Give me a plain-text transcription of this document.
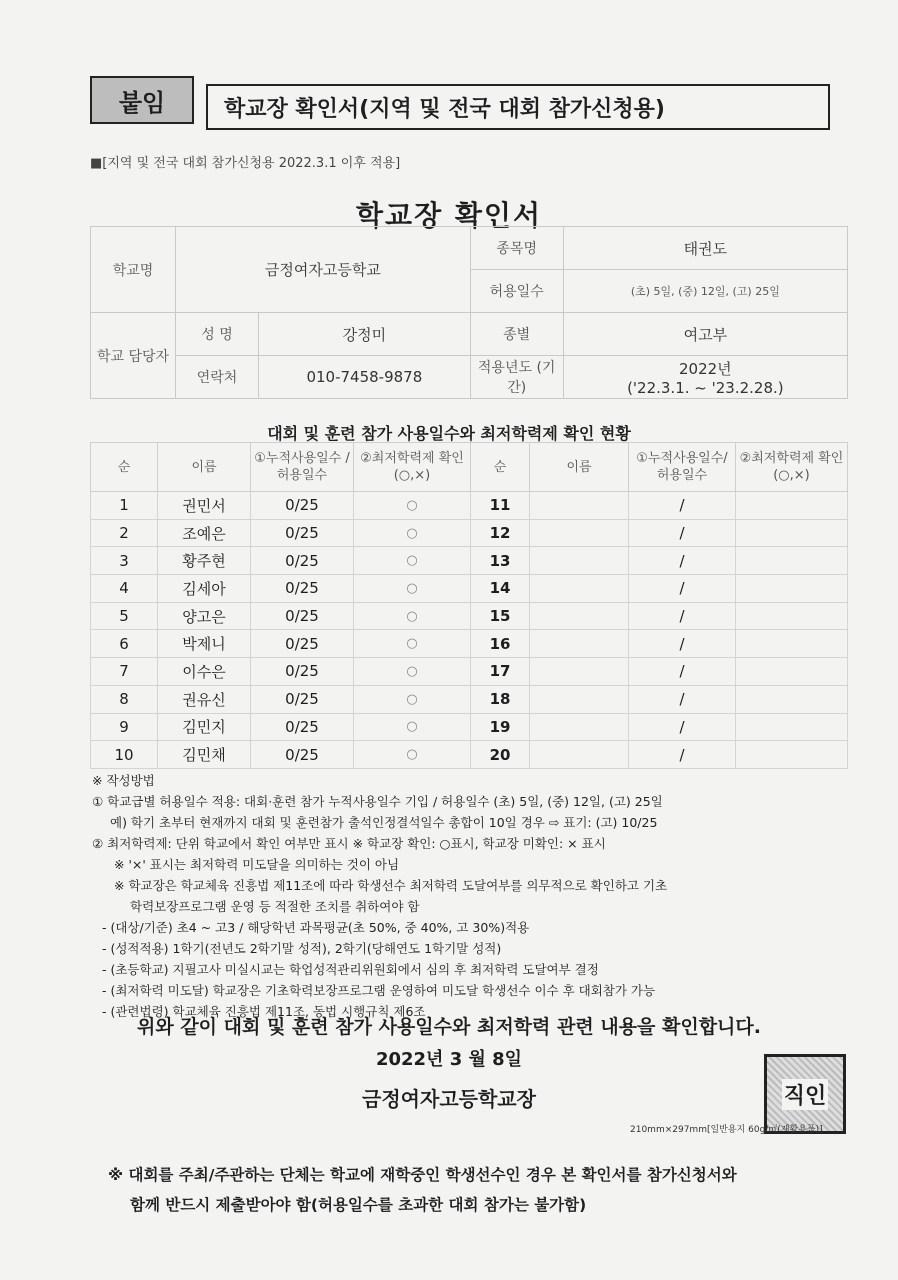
붙임	학교장 확인서(지역 및 전국 대회 참가신청용)
■[지역 및 전국 대회 참가신청용 2022.3.1 이후 적용]
학교장 확인서
학교명	금정여자고등학교		종목명	태권도
			허용일수	(초) 5일, (중) 12일, (고) 25일
학교 담당자	성 명	강정미	종별	여고부
	연락처	010-7458-9878	적용년도 (기간)	2022년
('22.3.1. ~ '23.2.28.)
대회 및 훈련 참가 사용일수와 최저학력제 확인 현황
순	이름	①누적사용일수 /허용일수	②최저학력제 확인(○,×)	순	이름	①누적사용일수/ 허용일수	②최저학력제 확인(○,×)
1	권민서	0/25	○	11		/	
2	조예은	0/25	○	12		/	
3	황주현	0/25	○	13		/	
4	김세아	0/25	○	14		/	
5	양고은	0/25	○	15		/	
6	박제니	0/25	○	16		/	
7	이수은	0/25	○	17		/	
8	권유신	0/25	○	18		/	
9	김민지	0/25	○	19		/	
10	김민채	0/25	○	20		/	
※ 작성방법
① 학교급별 허용일수 적용: 대회·훈련 참가 누적사용일수 기입 / 허용일수 (초) 5일, (중) 12일, (고) 25일
예) 학기 초부터 현재까지 대회 및 훈련참가 출석인정결석일수 총합이 10일 경우 ⇨ 표기: (고) 10/25
② 최저학력제: 단위 학교에서 확인 여부만 표시 ※ 학교장 확인: ○표시, 학교장 미확인: × 표시
※ '×' 표시는 최저학력 미도달을 의미하는 것이 아님
※ 학교장은 학교체육 진흥법 제11조에 따라 학생선수 최저학력 도달여부를 의무적으로 확인하고 기초
학력보장프로그램 운영 등 적절한 조치를 취하여야 함
- (대상/기준) 초4 ~ 고3 / 해당학년 과목평균(초 50%, 중 40%, 고 30%)적용
- (성적적용) 1학기(전년도 2학기말 성적), 2학기(당해연도 1학기말 성적)
- (초등학교) 지필고사 미실시교는 학업성적관리위원회에서 심의 후 최저학력 도달여부 결정
- (최저학력 미도달) 학교장은 기초학력보장프로그램 운영하여 미도달 학생선수 이수 후 대회참가 가능
- (관련법령) 학교체육 진흥법 제11조, 동법 시행규칙 제6조
위와 같이 대회 및 훈련 참가 사용일수와 최저학력 관련 내용을 확인합니다.
2022년 3 월 8일
금정여자고등학교장	직인
210mm×297mm[일반용지 60g/㎡(재활용품)]
※ 대회를 주최/주관하는 단체는 학교에 재학중인 학생선수인 경우 본 확인서를 참가신청서와
함께 반드시 제출받아야 함(허용일수를 초과한 대회 참가는 불가함)
